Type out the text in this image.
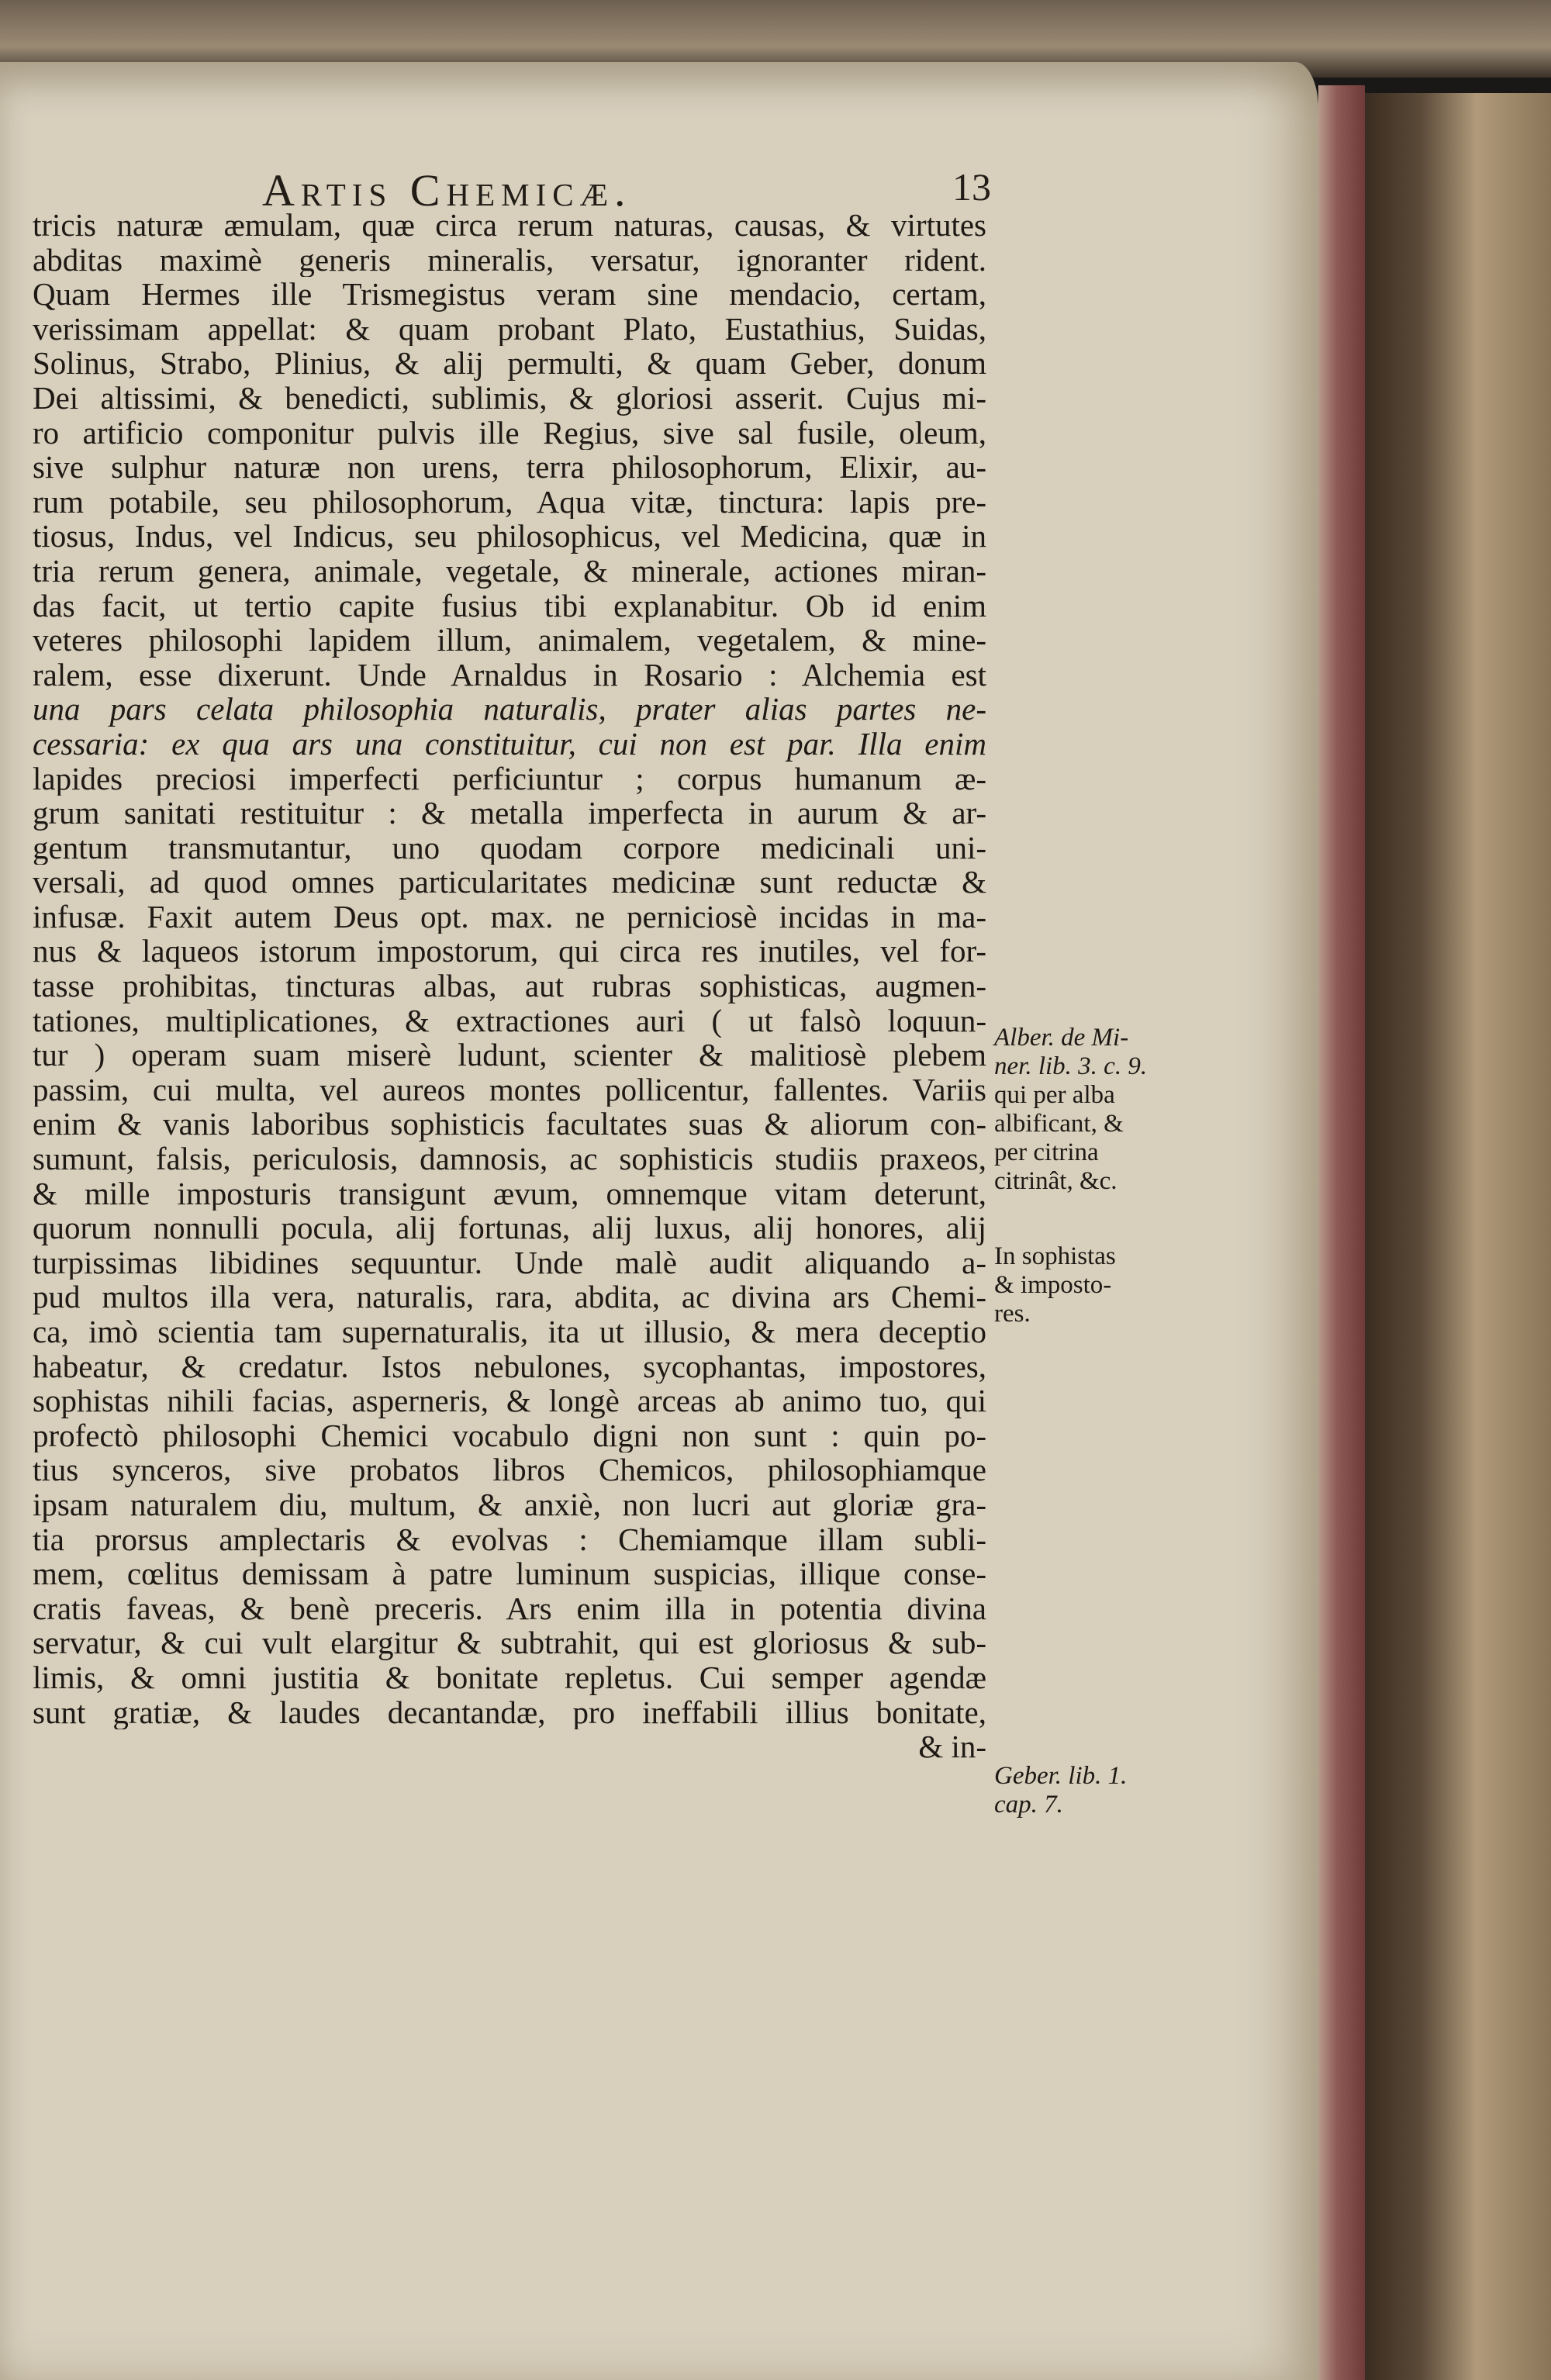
Artis Chemicæ.	13
tricis naturæ æmulam, quæ circa rerum naturas, causas, & virtutes
abditas maximè generis mineralis, versatur, ignoranter rident.
Quam Hermes ille Trismegistus veram sine mendacio, certam,
verissimam appellat: & quam probant Plato, Eustathius, Suidas,
Solinus, Strabo, Plinius, & alij permulti, & quam Geber, donum
Dei altissimi, & benedicti, sublimis, & gloriosi asserit. Cujus mi-
ro artificio componitur pulvis ille Regius, sive sal fusile, oleum,
sive sulphur naturæ non urens, terra philosophorum, Elixir, au-
rum potabile, seu philosophorum, Aqua vitæ, tinctura: lapis pre-
tiosus, Indus, vel Indicus, seu philosophicus, vel Medicina, quæ in
tria rerum genera, animale, vegetale, & minerale, actiones miran-
das facit, ut tertio capite fusius tibi explanabitur. Ob id enim
veteres philosophi lapidem illum, animalem, vegetalem, & mine-
ralem, esse dixerunt. Unde Arnaldus in Rosario : Alchemia est
una pars celata philosophia naturalis, prater alias partes ne-
cessaria: ex qua ars una constituitur, cui non est par. Illa enim
lapides preciosi imperfecti perficiuntur ; corpus humanum æ-
grum sanitati restituitur : & metalla imperfecta in aurum & ar-
gentum transmutantur, uno quodam corpore medicinali uni-
versali, ad quod omnes particularitates medicinæ sunt reductæ &
infusæ. Faxit autem Deus opt. max. ne perniciosè incidas in ma-
nus & laqueos istorum impostorum, qui circa res inutiles, vel for-
tasse prohibitas, tincturas albas, aut rubras sophisticas, augmen-
tationes, multiplicationes, & extractiones auri ( ut falsò loquun-
tur ) operam suam miserè ludunt, scienter & malitiosè plebem
passim, cui multa, vel aureos montes pollicentur, fallentes. Variis
enim & vanis laboribus sophisticis facultates suas & aliorum con-
sumunt, falsis, periculosis, damnosis, ac sophisticis studiis praxeos,
& mille imposturis transigunt ævum, omnemque vitam deterunt,
quorum nonnulli pocula, alij fortunas, alij luxus, alij honores, alij
turpissimas libidines sequuntur. Unde malè audit aliquando a-
pud multos illa vera, naturalis, rara, abdita, ac divina ars Chemi-
ca, imò scientia tam supernaturalis, ita ut illusio, & mera deceptio
habeatur, & credatur. Istos nebulones, sycophantas, impostores,
sophistas nihili facias, asperneris, & longè arceas ab animo tuo, qui
profectò philosophi Chemici vocabulo digni non sunt : quin po-
tius synceros, sive probatos libros Chemicos, philosophiamque
ipsam naturalem diu, multum, & anxiè, non lucri aut gloriæ gra-
tia prorsus amplectaris & evolvas : Chemiamque illam subli-
mem, cœlitus demissam à patre luminum suspicias, illique conse-
cratis faveas, & benè preceris. Ars enim illa in potentia divina
servatur, & cui vult elargitur & subtrahit, qui est gloriosus & sub-
limis, & omni justitia & bonitate repletus. Cui semper agendæ
sunt gratiæ, & laudes decantandæ, pro ineffabili illius bonitate,
& in-
Alber. de Mi-
ner. lib. 3. c. 9.
qui per alba
albificant, &
per citrina
citrinât, &c.
In sophistas
& imposto-
res.
Geber. lib. 1.
cap. 7.
